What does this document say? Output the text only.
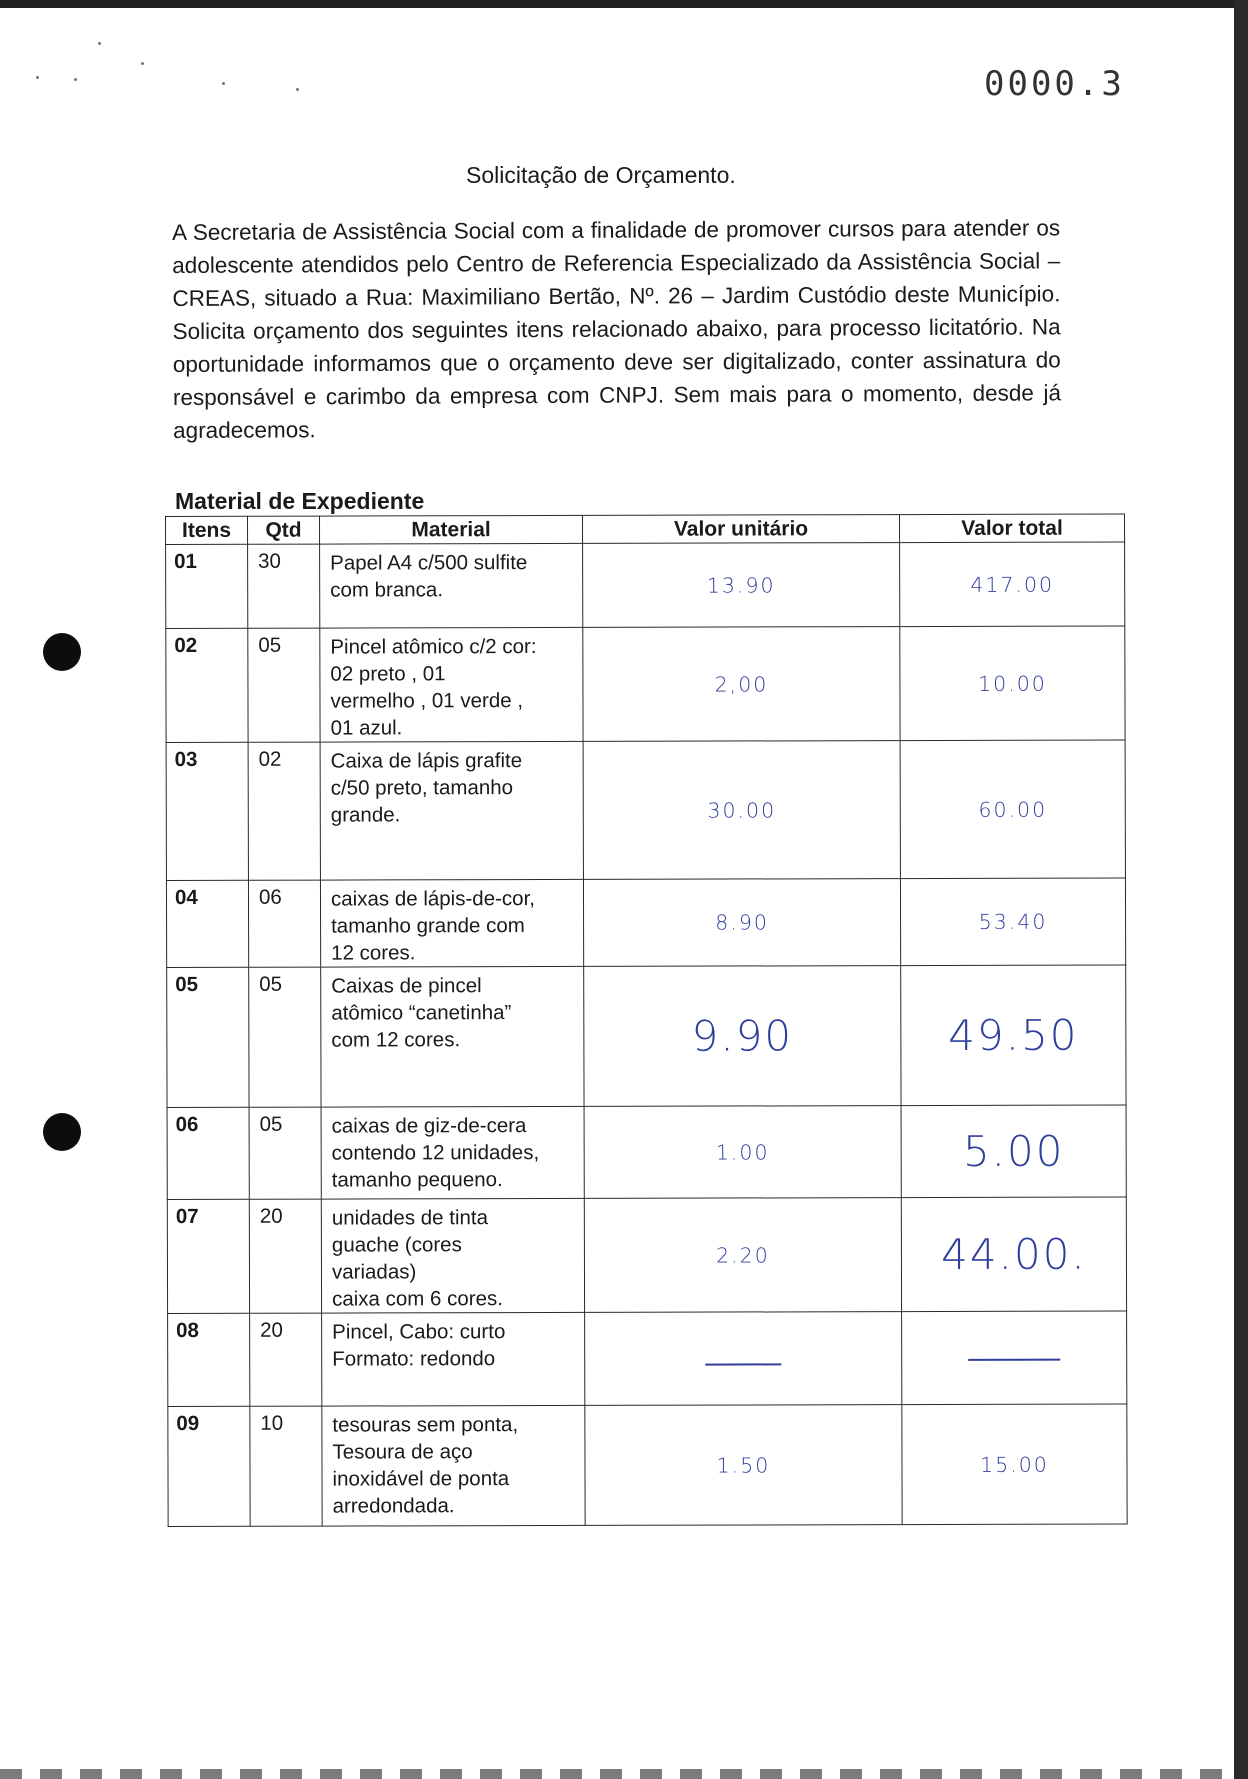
0000.3
Solicitação de Orçamento.
A Secretaria de Assistência Social com a finalidade de promover cursos para atender os adolescente atendidos pelo Centro de Referencia Especializado da Assistência Social – CREAS, situado a Rua: Maximiliano Bertão, Nº. 26 – Jardim Custódio deste Município. Solicita orçamento dos seguintes itens relacionado abaixo, para processo licitatório. Na oportunidade informamos que o orçamento deve ser digitalizado, conter assinatura do responsável e carimbo da empresa com CNPJ. Sem mais para o momento, desde já agradecemos.
Material de Expediente
Itens	Qtd	Material	Valor unitário	Valor total
01	30	Papel A4 c/500 sulfite
com branca.	13.90	417.00
02	05	Pincel atômico c/2 cor:
02 preto , 01
vermelho , 01 verde ,
01 azul.	2,00	10.00
03	02	Caixa de lápis grafite
c/50 preto, tamanho
grande.	30.00	60.00
04	06	caixas de lápis-de-cor,
tamanho grande com
12 cores.	8.90	53.40
05	05	Caixas de pincel
atômico “canetinha”
com 12 cores.	9.90	49.50
06	05	caixas de giz-de-cera
contendo 12 unidades,
tamanho pequeno.	1.00	5.00
07	20	unidades de tinta
guache (cores
variadas)
caixa com 6 cores.	2.20	44.00.
08	20	Pincel, Cabo: curto
Formato: redondo		

09	10	tesouras sem ponta,
Tesoura de aço
inoxidável de ponta
arredondada.	1.50	15.00
